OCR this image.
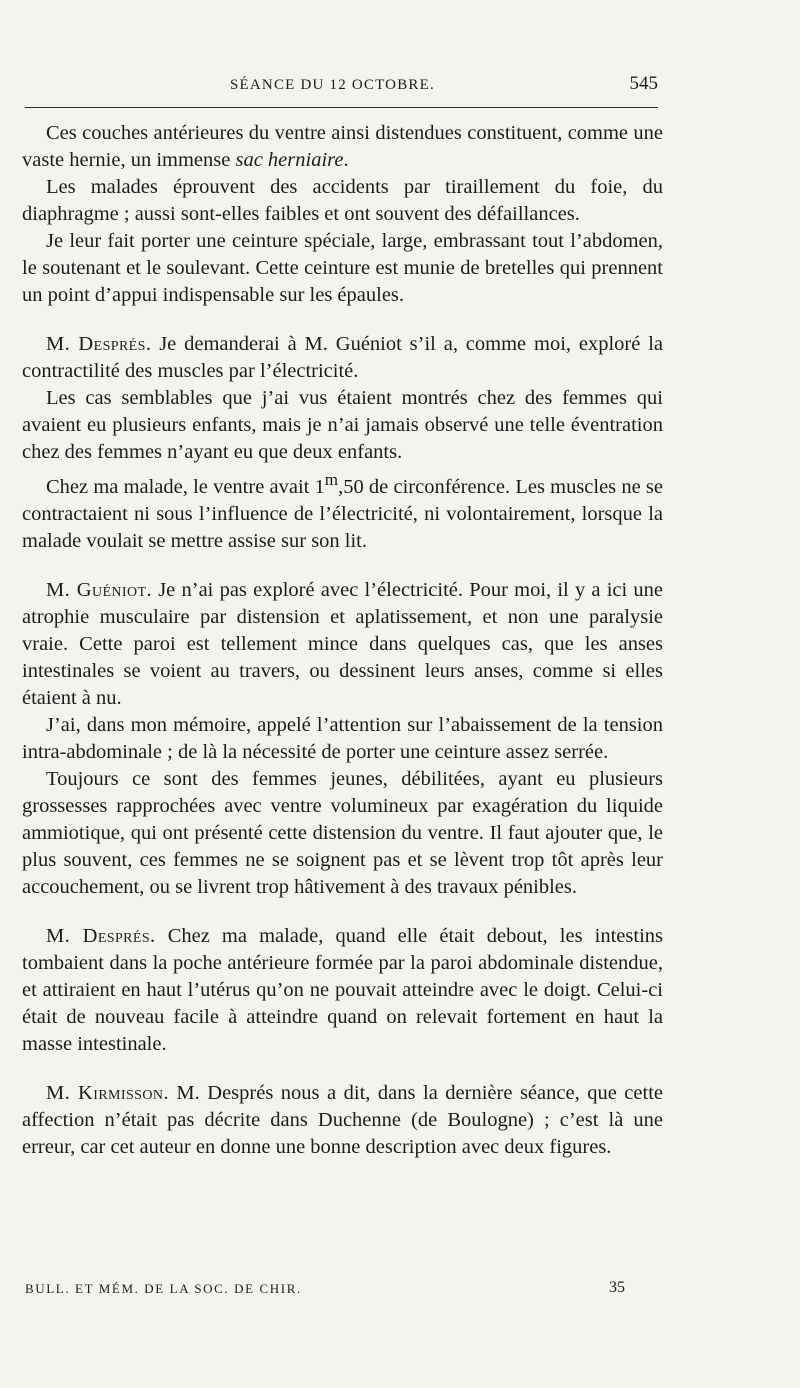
SÉANCE DU 12 OCTOBRE.	545

Ces couches antérieures du ventre ainsi distendues constituent, comme une vaste hernie, un immense sac herniaire.

Les malades éprouvent des accidents par tiraillement du foie, du diaphragme ; aussi sont-elles faibles et ont souvent des défaillances.

Je leur fait porter une ceinture spéciale, large, embrassant tout l’abdomen, le soutenant et le soulevant. Cette ceinture est munie de bretelles qui prennent un point d’appui indispensable sur les épaules.

M. Després. Je demanderai à M. Guéniot s’il a, comme moi, exploré la contractilité des muscles par l’électricité.

Les cas semblables que j’ai vus étaient montrés chez des femmes qui avaient eu plusieurs enfants, mais je n’ai jamais observé une telle éventration chez des femmes n’ayant eu que deux enfants.

Chez ma malade, le ventre avait 1$^m$,50 de circonférence. Les muscles ne se contractaient ni sous l’influence de l’électricité, ni volontairement, lorsque la malade voulait se mettre assise sur son lit.

M. Guéniot. Je n’ai pas exploré avec l’électricité. Pour moi, il y a ici une atrophie musculaire par distension et aplatissement, et non une paralysie vraie. Cette paroi est tellement mince dans quelques cas, que les anses intestinales se voient au travers, ou dessinent leurs anses, comme si elles étaient à nu.

J’ai, dans mon mémoire, appelé l’attention sur l’abaissement de la tension intra-abdominale ; de là la nécessité de porter une ceinture assez serrée.

Toujours ce sont des femmes jeunes, débilitées, ayant eu plusieurs grossesses rapprochées avec ventre volumineux par exagération du liquide ammiotique, qui ont présenté cette distension du ventre. Il faut ajouter que, le plus souvent, ces femmes ne se soignent pas et se lèvent trop tôt après leur accouchement, ou se livrent trop hâtivement à des travaux pénibles.

M. Després. Chez ma malade, quand elle était debout, les intestins tombaient dans la poche antérieure formée par la paroi abdominale distendue, et attiraient en haut l’utérus qu’on ne pouvait atteindre avec le doigt. Celui-ci était de nouveau facile à atteindre quand on relevait fortement en haut la masse intestinale.

M. Kirmisson. M. Després nous a dit, dans la dernière séance, que cette affection n’était pas décrite dans Duchenne (de Boulogne) ; c’est là une erreur, car cet auteur en donne une bonne description avec deux figures.

BULL. ET MÉM. DE LA SOC. DE CHIR.	35
